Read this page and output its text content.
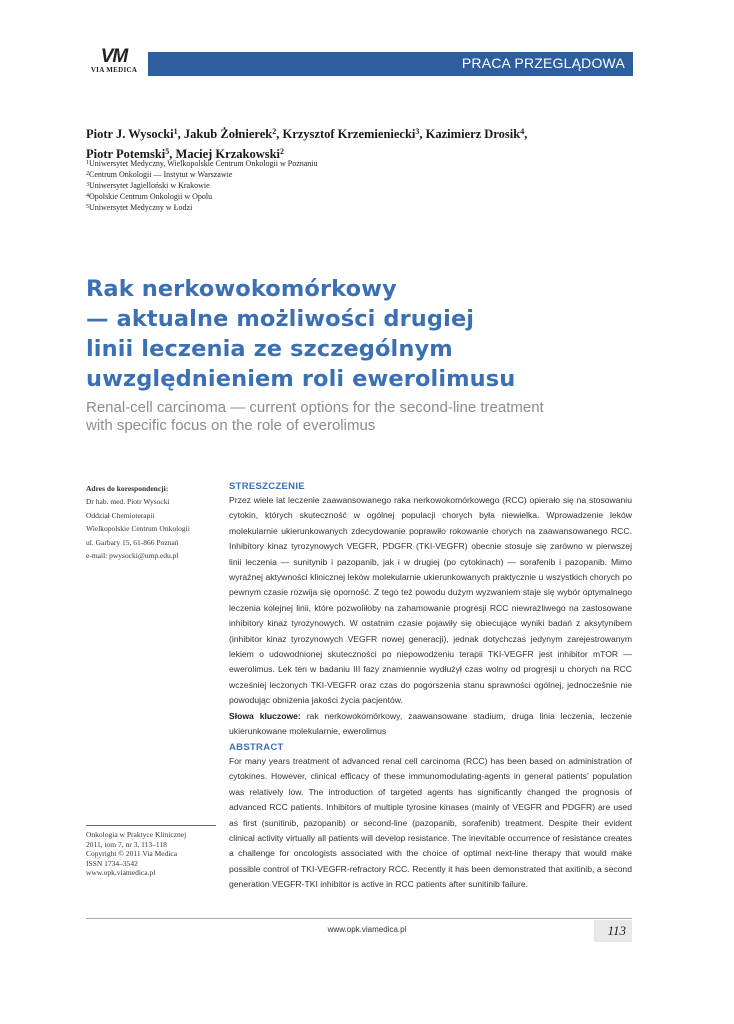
VM
VIA MEDICA	PRACA PRZEGLĄDOWA
Piotr J. Wysocki$^1$, Jakub Żołnierek$^2$, Krzysztof Krzemieniecki$^3$, Kazimierz Drosik$^4$,
Piotr Potemski$^5$, Maciej Krzakowski$^2$
$^1$Uniwersytet Medyczny, Wielkopolskie Centrum Onkologii w Poznaniu
$^2$Centrum Onkologii — Instytut w Warszawie
$^3$Uniwersytet Jagielloński w Krakowie
$^4$Opolskie Centrum Onkologii w Opolu
$^5$Uniwersytet Medyczny w Łodzi
Rak nerkowokomórkowy
— aktualne możliwości drugiej
linii leczenia ze szczególnym
uwzględnieniem roli ewerolimusu
Renal-cell carcinoma — current options for the second-line treatment
with specific focus on the role of everolimus
Adres do korespondencji:
Dr hab. med. Piotr Wysocki
Oddział Chemioterapii
Wielkopolskie Centrum Onkologii
ul. Garbary 15, 61-866 Poznań
e-mail: pwysocki@ump.edu.pl
STRESZCZENIE
Przez wiele lat leczenie zaawansowanego raka nerkowokomórkowego (RCC) opierało się na stosowaniu cytokin, których skuteczność w ogólnej populacji chorych była niewielka. Wprowadzenie leków molekularnie ukierunkowanych zdecydowanie poprawiło rokowanie chorych na zaawansowanego RCC. Inhibitory kinaz tyrozynowych VEGFR, PDGFR (TKI-VEGFR) obecnie stosuje się zarówno w pierwszej linii leczenia — sunitynib i pazopanib, jak i w drugiej (po cytokinach) — sorafenib i pazopanib. Mimo wyraźnej aktywności klinicznej leków molekularnie ukierunkowanych praktycznie u wszystkich chorych po pewnym czasie rozwija się oporność. Z tego też powodu dużym wyzwaniem staje się wybór optymalnego leczenia kolejnej linii, które pozwoliłoby na zahamowanie progresji RCC niewrażliwego na zastosowane inhibitory kinaz tyrozynowych. W ostatnim czasie pojawiły się obiecujące wyniki badań z aksytynibem (inhibitor kinaz tyrozynowych VEGFR nowej generacji), jednak dotychczas jedynym zarejestrowanym lekiem o udowodnionej skuteczności po niepowodzeniu terapii TKI-VEGFR jest inhibitor mTOR — ewerolimus. Lek ten w badaniu III fazy znamiennie wydłużył czas wolny od progresji u chorych na RCC wcześniej leczonych TKI-VEGFR oraz czas do pogorszenia stanu sprawności ogólnej, jednocześnie nie powodując obniżenia jakości życia pacjentów.
Słowa kluczowe: rak nerkowokomórkowy, zaawansowane stadium, druga linia leczenia, leczenie ukierunkowane molekularnie, ewerolimus
ABSTRACT
For many years treatment of advanced renal cell carcinoma (RCC) has been based on administration of cytokines. However, clinical efficacy of these immunomodulating-agents in general patients’ population was relatively low. The introduction of targeted agents has significantly changed the prognosis of advanced RCC patients. Inhibitors of multiple tyrosine kinases (mainly of VEGFR and PDGFR) are used as first (sunitinib, pazopanib) or second-line (pazopanib, sorafenib) treatment. Despite their evident clinical activity virtually all patients will develop resistance. The inevitable occurrence of resistance creates a challenge for oncologists associated with the choice of optimal next-line therapy that would make possible control of TKI-VEGFR-refractory RCC. Recently it has been demonstrated that axitinib, a second generation VEGFR-TKI inhibitor is active in RCC patients after sunitinib failure.
Onkologia w Praktyce Klinicznej
2011, tom 7, nr 3, 113–118
Copyright © 2011 Via Medica
ISSN 1734–3542
www.opk.viamedica.pl
www.opk.viamedica.pl	113
